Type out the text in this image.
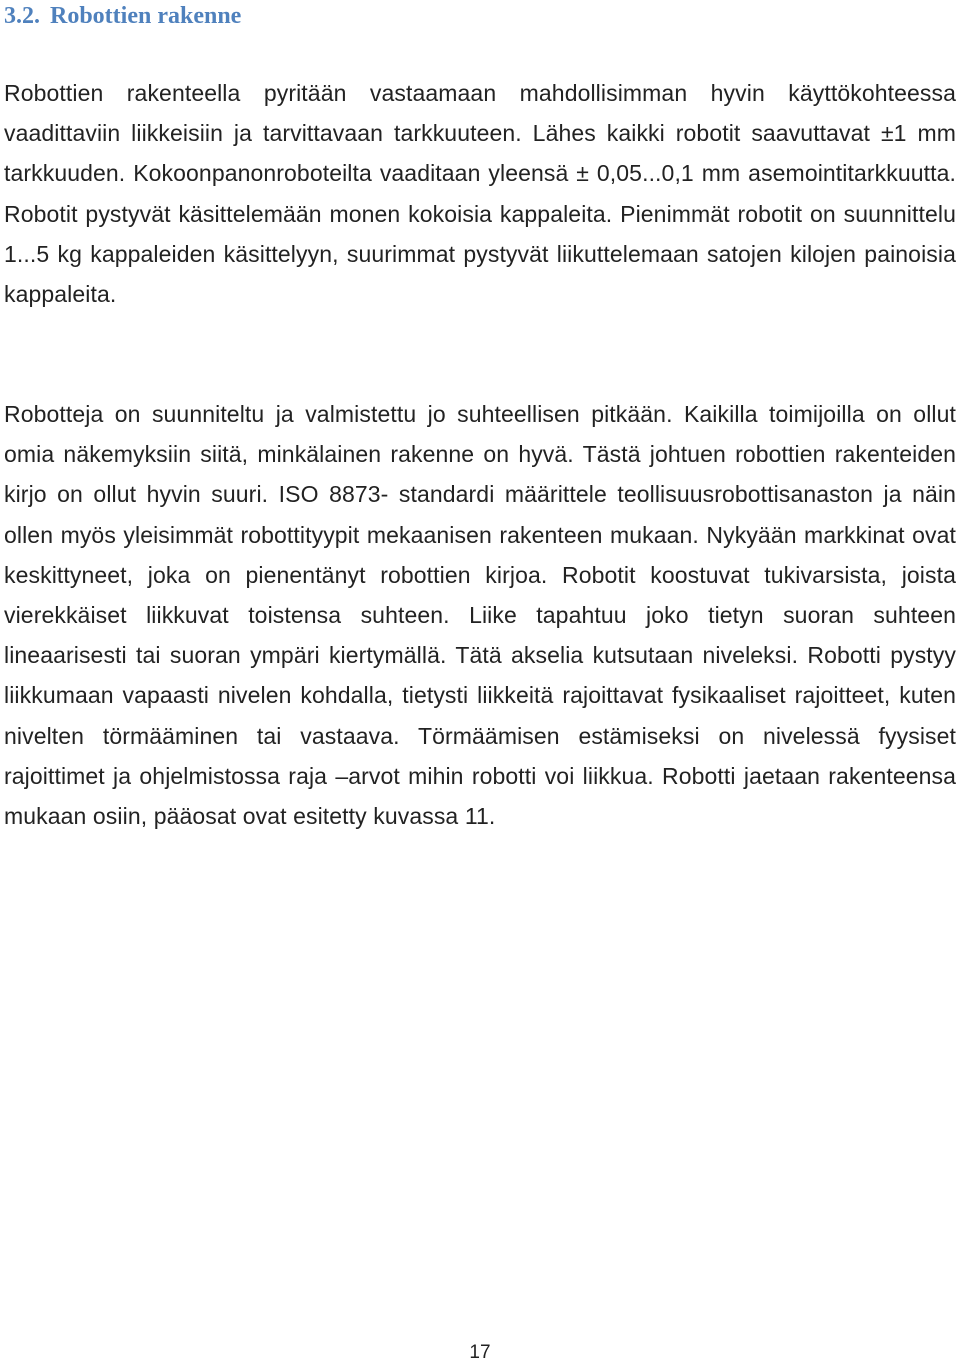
3.2. Robottien rakenne

Robottien rakenteella pyritään vastaamaan mahdollisimman hyvin käyttökohteessa vaadittaviin liikkeisiin ja tarvittavaan tarkkuuteen. Lähes kaikki robotit saavuttavat ±1 mm tarkkuuden. Kokoonpanonroboteilta vaaditaan yleensä ± 0,05...0,1 mm asemointitarkkuutta. Robotit pystyvät käsittelemään monen kokoisia kappaleita. Pienimmät robotit on suunnittelu 1...5 kg kappaleiden käsittelyyn, suurimmat pystyvät liikuttelemaan satojen kilojen painoisia kappaleita.

Robotteja on suunniteltu ja valmistettu jo suhteellisen pitkään. Kaikilla toimijoilla on ollut omia näkemyksiin siitä, minkälainen rakenne on hyvä. Tästä johtuen robottien rakenteiden kirjo on ollut hyvin suuri. ISO 8873- standardi määrittele teollisuusrobottisanaston ja näin ollen myös yleisimmät robottityypit mekaanisen rakenteen mukaan. Nykyään markkinat ovat keskittyneet, joka on pienentänyt robottien kirjoa. Robotit koostuvat tukivarsista, joista vierekkäiset liikkuvat toistensa suhteen. Liike tapahtuu joko tietyn suoran suhteen lineaarisesti tai suoran ympäri kiertymällä. Tätä akselia kutsutaan niveleksi. Robotti pystyy liikkumaan vapaasti nivelen kohdalla, tietysti liikkeitä rajoittavat fysikaaliset rajoitteet, kuten nivelten törmääminen tai vastaava. Törmäämisen estämiseksi on nivelessä fyysiset rajoittimet ja ohjelmistossa raja –arvot mihin robotti voi liikkua. Robotti jaetaan rakenteensa mukaan osiin, pääosat ovat esitetty kuvassa 11.

17
